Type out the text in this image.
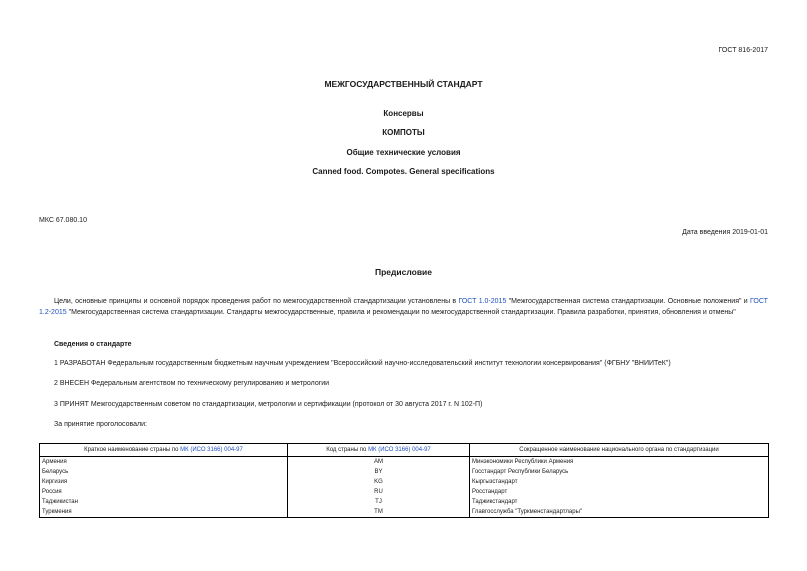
ГОСТ 816-2017
МЕЖГОСУДАРСТВЕННЫЙ СТАНДАРТ
Консервы
КОМПОТЫ
Общие технические условия
Canned food. Compotes. General specifications
МКС 67.080.10
Дата введения 2019-01-01
Предисловие
Цели, основные принципы и основной порядок проведения работ по межгосударственной стандартизации установлены в ГОСТ 1.0-2015 "Межгосударственная система стандартизации. Основные положения" и ГОСТ 1.2-2015 "Межгосударственная система стандартизации. Стандарты межгосударственные, правила и рекомендации по межгосударственной стандартизации. Правила разработки, принятия, обновления и отмены"
Сведения о стандарте
1 РАЗРАБОТАН Федеральным государственным бюджетным научным учреждением "Всероссийский научно-исследовательский институт технологии консервирования" (ФГБНУ "ВНИИТеК")
2 ВНЕСЕН Федеральным агентством по техническому регулированию и метрологии
3 ПРИНЯТ Межгосударственным советом по стандартизации, метрологии и сертификации (протокол от 30 августа 2017 г. N 102-П)
За принятие проголосовали:
Краткое наименование страны по МК (ИСО 3166) 004-97	Код страны по МК (ИСО 3166) 004-97	Сокращенное наименование национального органа по стандартизации
Армения	AM	Минэкономики Республики Армения
Беларусь	BY	Госстандарт Республики Беларусь
Киргизия	KG	Кыргызстандарт
Россия	RU	Росстандарт
Таджикистан	TJ	Таджикстандарт
Туркмения	TM	Главгосслужба "Туркменстандартлары"
